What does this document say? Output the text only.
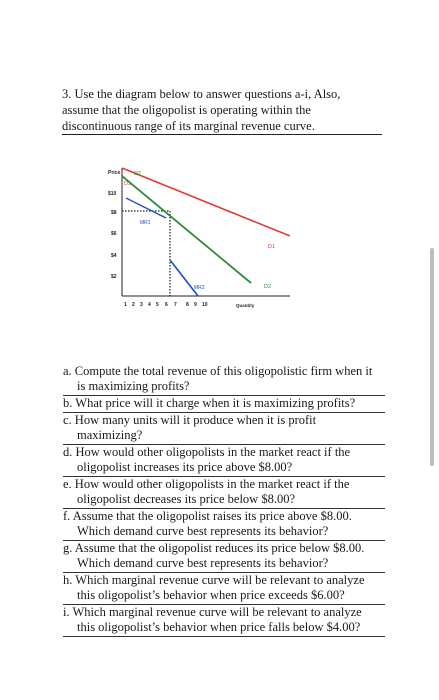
3. Use the diagram below to answer questions a-i, Also,
assume that the oligopolist is operating within the
discontinuous range of its marginal revenue curve.
Price
Quantity
$10
$8
$6
$4
$2
1 2 3 4 5 6 7 8 9 10
D2
D1
MR1
D1
MR2	D2
a. Compute the total revenue of this oligopolistic firm when it
is maximizing profits?
b. What price will it charge when it is maximizing profits?
c. How many units will it produce when it is profit
maximizing?
d. How would other oligopolists in the market react if the
oligopolist increases its price above $8.00?
e. How would other oligopolists in the market react if the
oligopolist decreases its price below $8.00?
f. Assume that the oligopolist raises its price above $8.00.
Which demand curve best represents its behavior?
g. Assume that the oligopolist reduces its price below $8.00.
Which demand curve best represents its behavior?
h. Which marginal revenue curve will be relevant to analyze
this oligopolist’s behavior when price exceeds $6.00?
i. Which marginal revenue curve will be relevant to analyze
this oligopolist’s behavior when price falls below $4.00?
